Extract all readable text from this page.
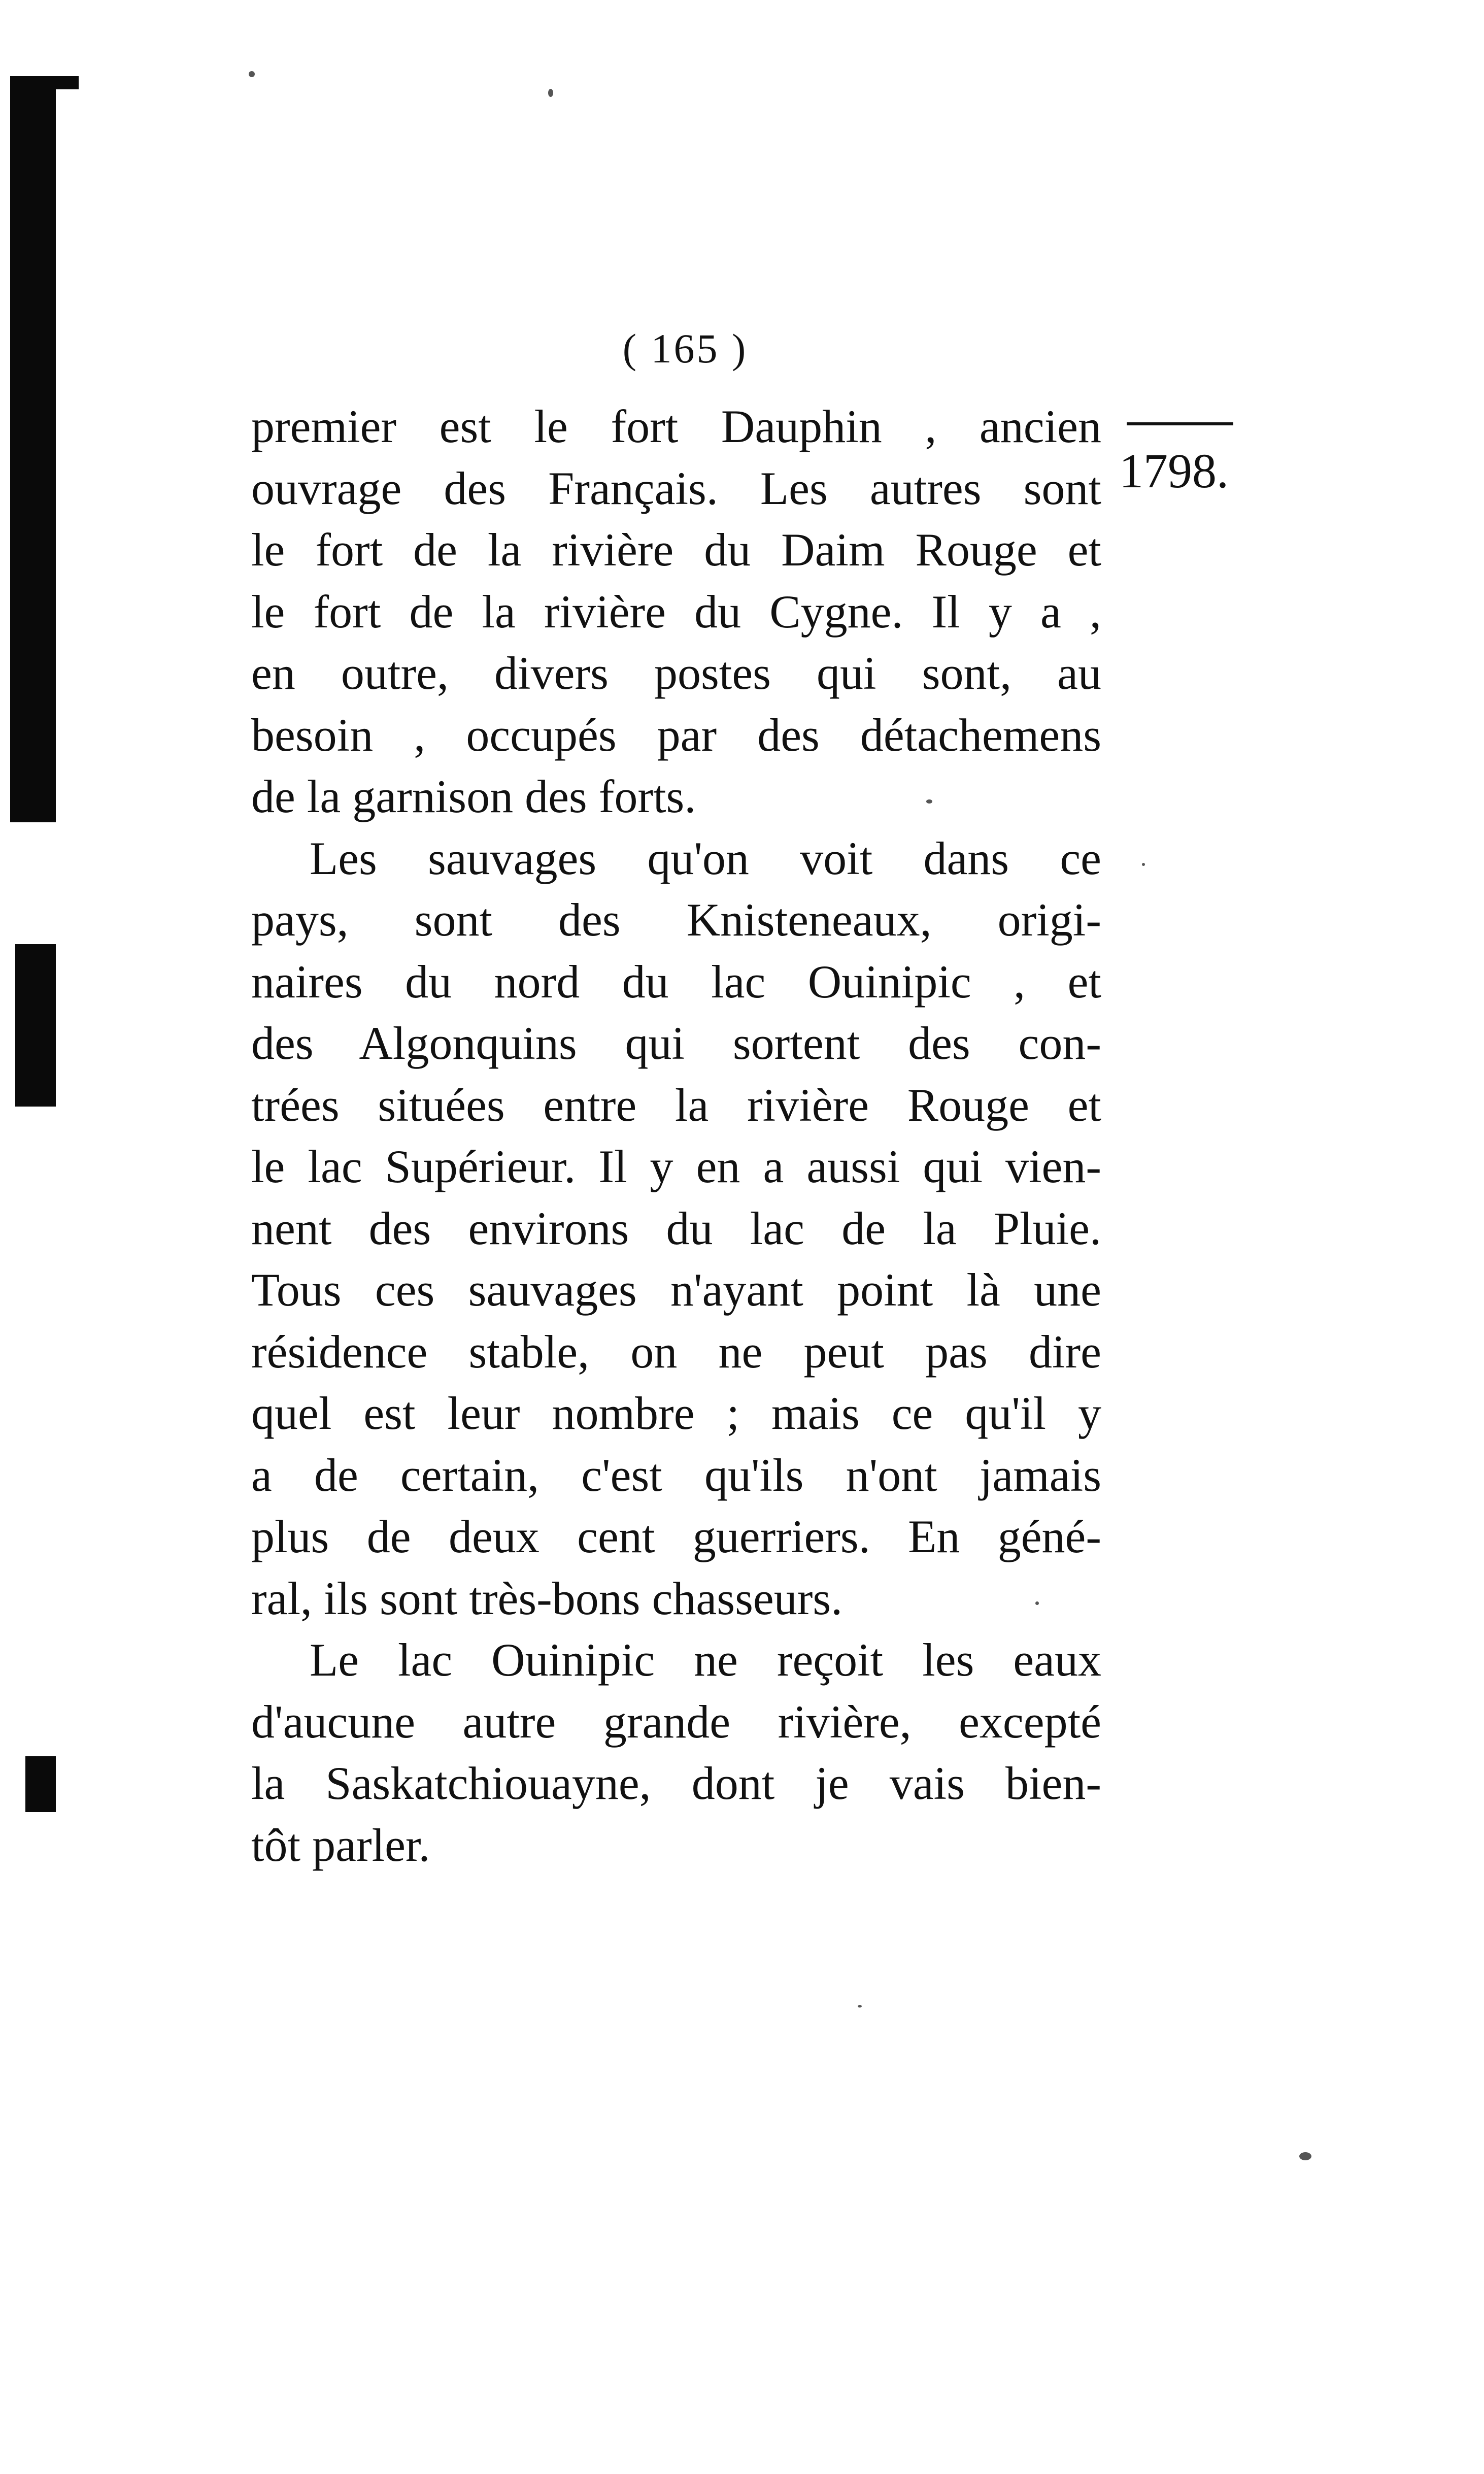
( 165 )
1798.

premier est le fort Dauphin , ancien
ouvrage des Français. Les autres sont
le fort de la rivière du Daim Rouge et
le fort de la rivière du Cygne. Il y a ,
en outre, divers postes qui sont, au
besoin , occupés par des détachemens
de la garnison des forts.

Les sauvages qu'on voit dans ce
pays, sont des Knisteneaux, origi-
naires du nord du lac Ouinipic , et
des Algonquins qui sortent des con-
trées situées entre la rivière Rouge et
le lac Supérieur. Il y en a aussi qui vien-
nent des environs du lac de la Pluie.
Tous ces sauvages n'ayant point là une
résidence stable, on ne peut pas dire
quel est leur nombre ; mais ce qu'il y
a de certain, c'est qu'ils n'ont jamais
plus de deux cent guerriers. En géné-
ral, ils sont très-bons chasseurs.

Le lac Ouinipic ne reçoit les eaux
d'aucune autre grande rivière, excepté
la Saskatchiouayne, dont je vais bien-
tôt parler.
